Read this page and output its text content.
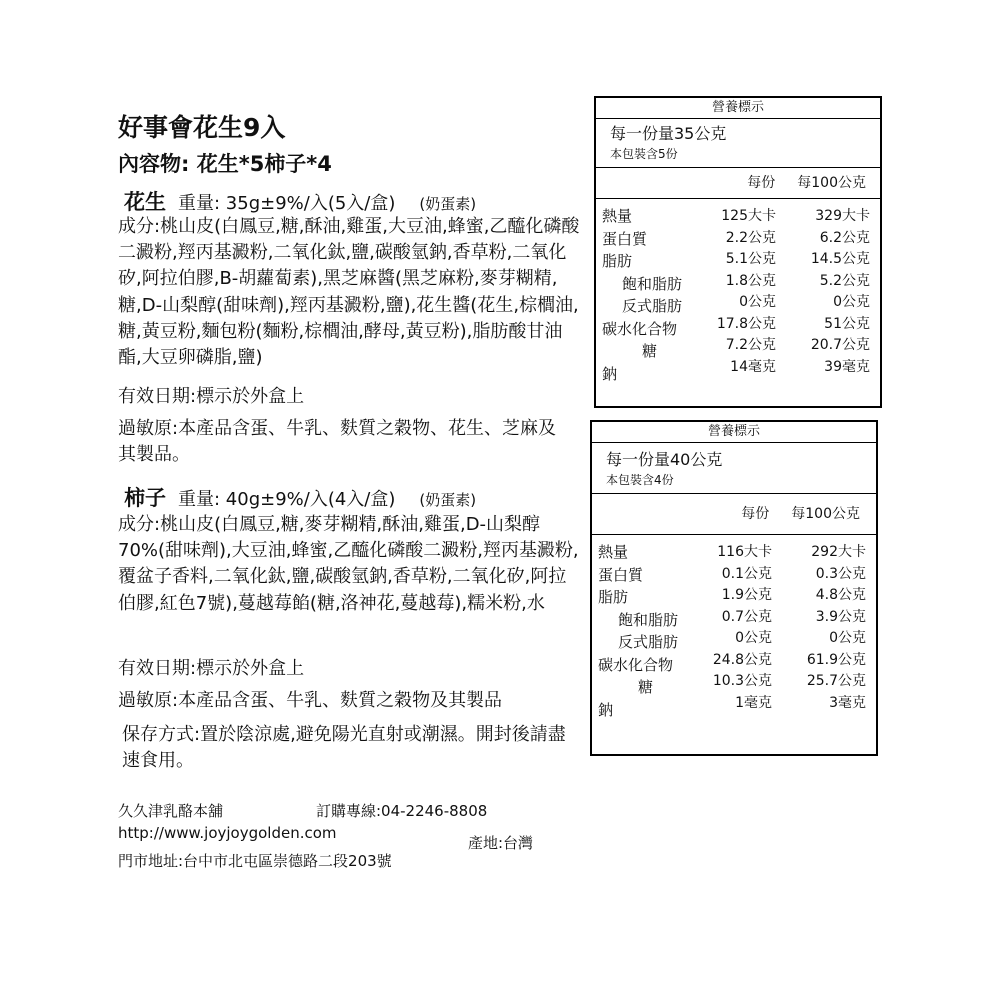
好事會花生9入
內容物: 花生*5柿子*4
花生 重量: 35g±9%/入(5入/盒) (奶蛋素)
成分:桃山皮(白鳳豆,糖,酥油,雞蛋,大豆油,蜂蜜,乙醯化磷酸二澱粉,羥丙基澱粉,二氧化鈦,鹽,碳酸氫鈉,香草粉,二氧化矽,阿拉伯膠,B-胡蘿蔔素),黑芝麻醬(黑芝麻粉,麥芽糊精,糖,D-山梨醇(甜味劑),羥丙基澱粉,鹽),花生醬(花生,棕櫚油,糖,黃豆粉,麵包粉(麵粉,棕櫚油,酵母,黃豆粉),脂肪酸甘油酯,大豆卵磷脂,鹽)
有效日期:標示於外盒上
過敏原:本產品含蛋、牛乳、麩質之穀物、花生、芝麻及其製品。
柿子 重量: 40g±9%/入(4入/盒) (奶蛋素)
成分:桃山皮(白鳳豆,糖,麥芽糊精,酥油,雞蛋,D-山梨醇70%(甜味劑),大豆油,蜂蜜,乙醯化磷酸二澱粉,羥丙基澱粉,覆盆子香料,二氧化鈦,鹽,碳酸氫鈉,香草粉,二氧化矽,阿拉伯膠,紅色7號),蔓越莓餡(糖,洛神花,蔓越莓),糯米粉,水
有效日期:標示於外盒上
過敏原:本產品含蛋、牛乳、麩質之穀物及其製品
保存方式:置於陰涼處,避免陽光直射或潮濕。開封後請盡速食用。
久久津乳酪本舖	訂購專線:04-2246-8808
http://www.joyjoygolden.com
產地:台灣
門市地址:台中市北屯區崇德路二段203號
營養標示
每一份量35公克
本包裝含5份
每份 每100公克
熱量
蛋白質
脂肪
飽和脂肪
反式脂肪
碳水化合物
糖
鈉
125大卡
2.2公克
5.1公克
1.8公克
0公克
17.8公克
7.2公克
14毫克
329大卡
6.2公克
14.5公克
5.2公克
0公克
51公克
20.7公克
39毫克
營養標示
每一份量40公克
本包裝含4份
每份 每100公克
熱量
蛋白質
脂肪
飽和脂肪
反式脂肪
碳水化合物
糖
鈉
116大卡
0.1公克
1.9公克
0.7公克
0公克
24.8公克
10.3公克
1毫克
292大卡
0.3公克
4.8公克
3.9公克
0公克
61.9公克
25.7公克
3毫克
